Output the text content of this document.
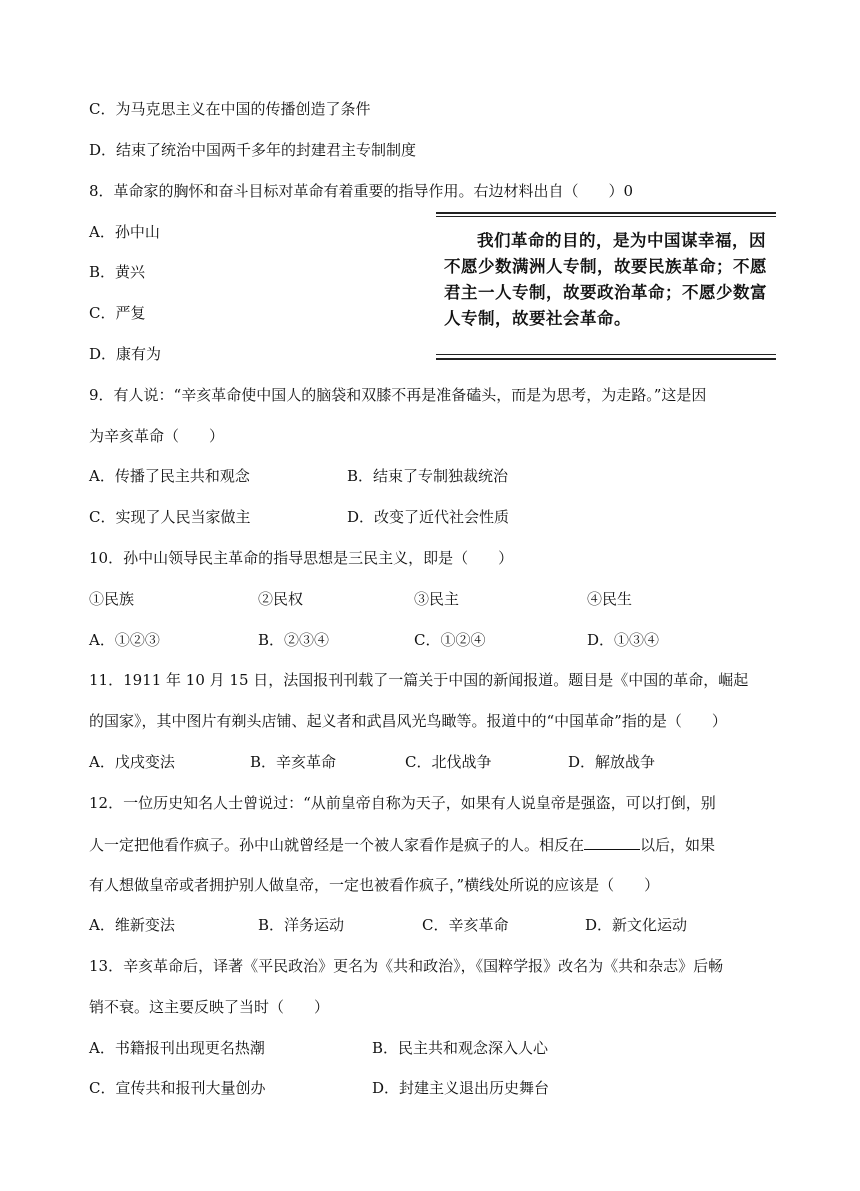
C．为马克思主义在中国的传播创造了条件
D．结束了统治中国两千多年的封建君主专制制度
8．革命家的胸怀和奋斗目标对革命有着重要的指导作用。右边材料出自（　　）0
A．孙中山
B．黄兴
C．严复
D．康有为
我们革命的目的，是为中国谋幸福，因不愿少数满洲人专制，故要民族革命；不愿君主一人专制，故要政治革命；不愿少数富人专制，故要社会革命。
9．有人说：“辛亥革命使中国人的脑袋和双膝不再是准备磕头，而是为思考，为走路。”这是因
为辛亥革命（　　）
A．传播了民主共和观念	B．结束了专制独裁统治
C．实现了人民当家做主	D．改变了近代社会性质
10．孙中山领导民主革命的指导思想是三民主义，即是（　　）
①民族	②民权	③民主	④民生
A．①②③	B．②③④	C．①②④	D．①③④
11．1911 年 10 月 15 日，法国报刊刊载了一篇关于中国的新闻报道。题目是《中国的革命，崛起
的国家》，其中图片有剃头店铺、起义者和武昌风光鸟瞰等。报道中的“中国革命”指的是（　　）
A．戊戌变法	B．辛亥革命	C．北伐战争	D．解放战争
12．一位历史知名人士曾说过：“从前皇帝自称为天子，如果有人说皇帝是强盗，可以打倒，别
人一定把他看作疯子。孙中山就曾经是一个被人家看作是疯子的人。相反在	以后，如果
有人想做皇帝或者拥护别人做皇帝，一定也被看作疯子，”横线处所说的应该是（　　）
A．维新变法	B．洋务运动	C．辛亥革命	D．新文化运动
13．辛亥革命后，译著《平民政治》更名为《共和政治》，《国粹学报》改名为《共和杂志》后畅
销不衰。这主要反映了当时（　　）
A．书籍报刊出现更名热潮	B．民主共和观念深入人心
C．宣传共和报刊大量创办	D．封建主义退出历史舞台
